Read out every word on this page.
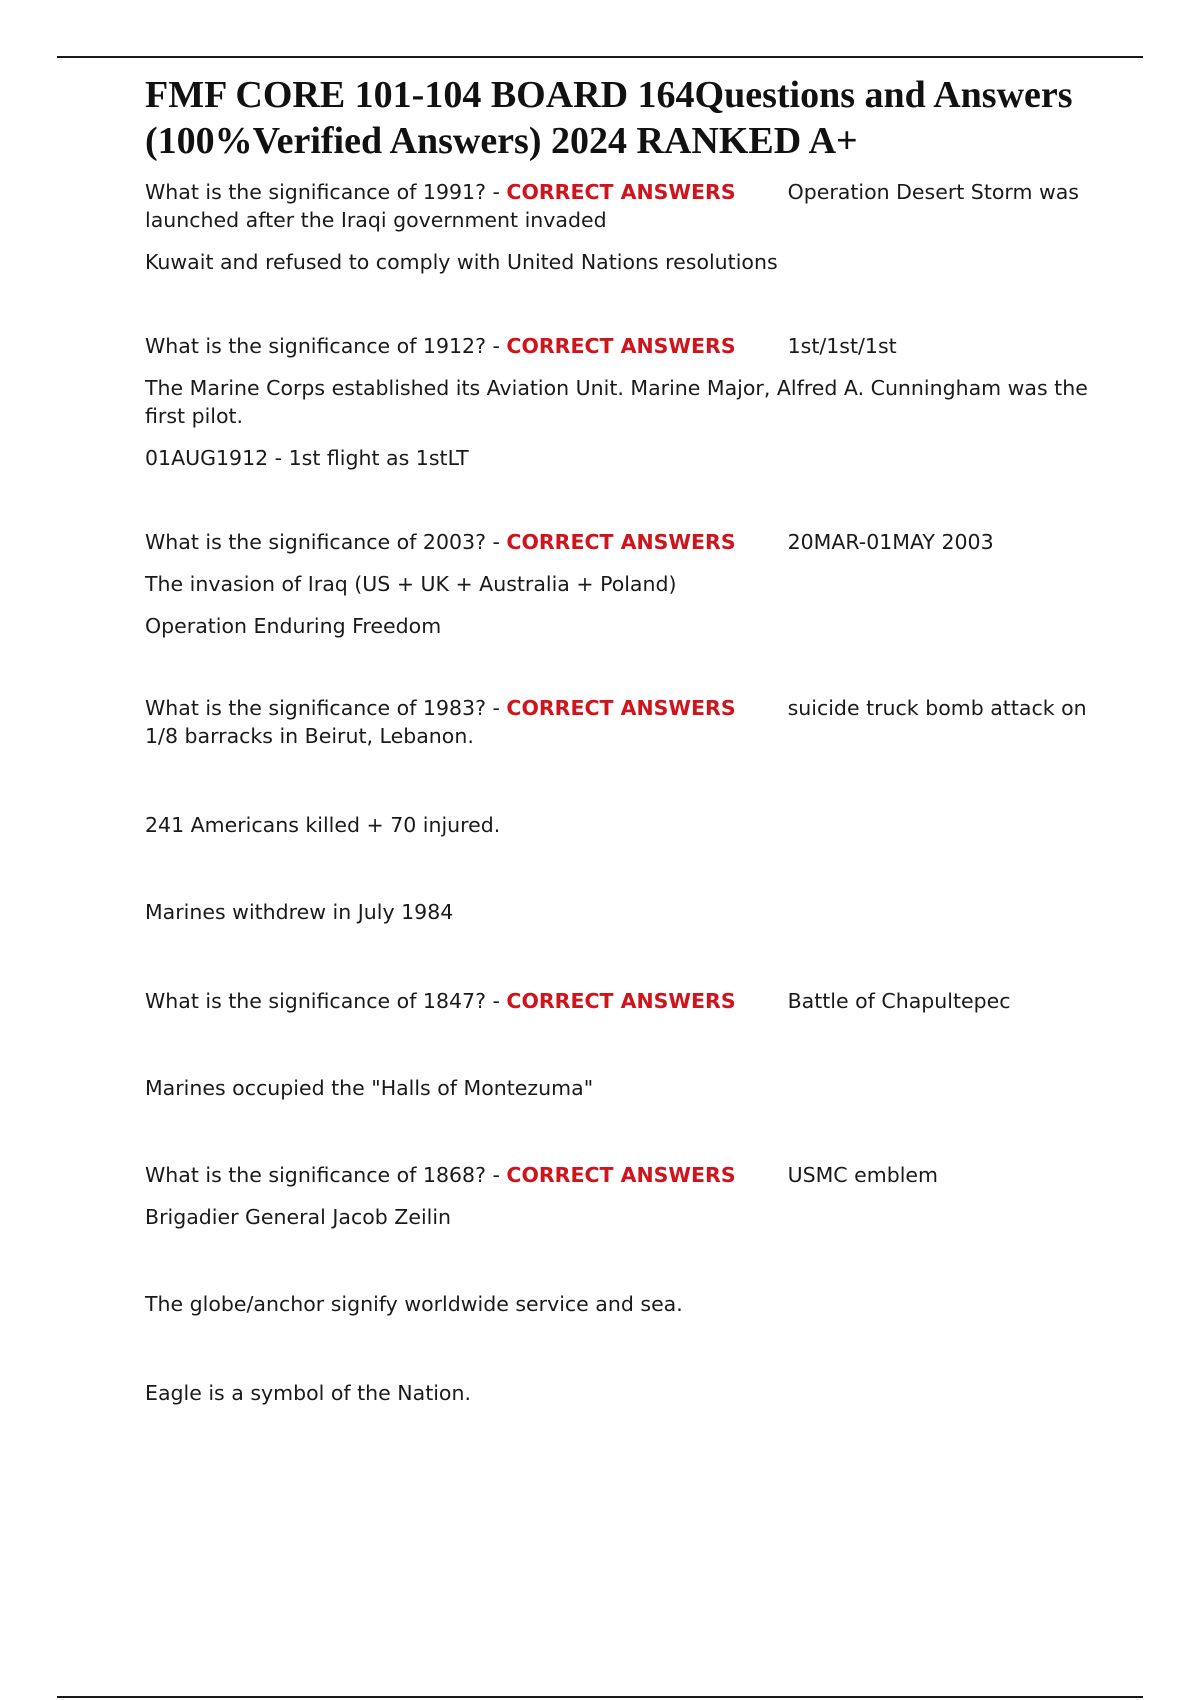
FMF CORE 101-104 BOARD 164Questions and Answers (100%Verified Answers) 2024 RANKED A+

What is the significance of 1991? - CORRECT ANSWERS	Operation Desert Storm was launched after the Iraqi government invaded

Kuwait and refused to comply with United Nations resolutions

What is the significance of 1912? - CORRECT ANSWERS	1st/1st/1st

The Marine Corps established its Aviation Unit. Marine Major, Alfred A. Cunningham was the first pilot.

01AUG1912 - 1st flight as 1stLT

What is the significance of 2003? - CORRECT ANSWERS	20MAR-01MAY 2003

The invasion of Iraq (US + UK + Australia + Poland)

Operation Enduring Freedom

What is the significance of 1983? - CORRECT ANSWERS	suicide truck bomb attack on 1/8 barracks in Beirut, Lebanon.

241 Americans killed + 70 injured.

Marines withdrew in July 1984

What is the significance of 1847? - CORRECT ANSWERS	Battle of Chapultepec

Marines occupied the "Halls of Montezuma"

What is the significance of 1868? - CORRECT ANSWERS	USMC emblem

Brigadier General Jacob Zeilin

The globe/anchor signify worldwide service and sea.

Eagle is a symbol of the Nation.
